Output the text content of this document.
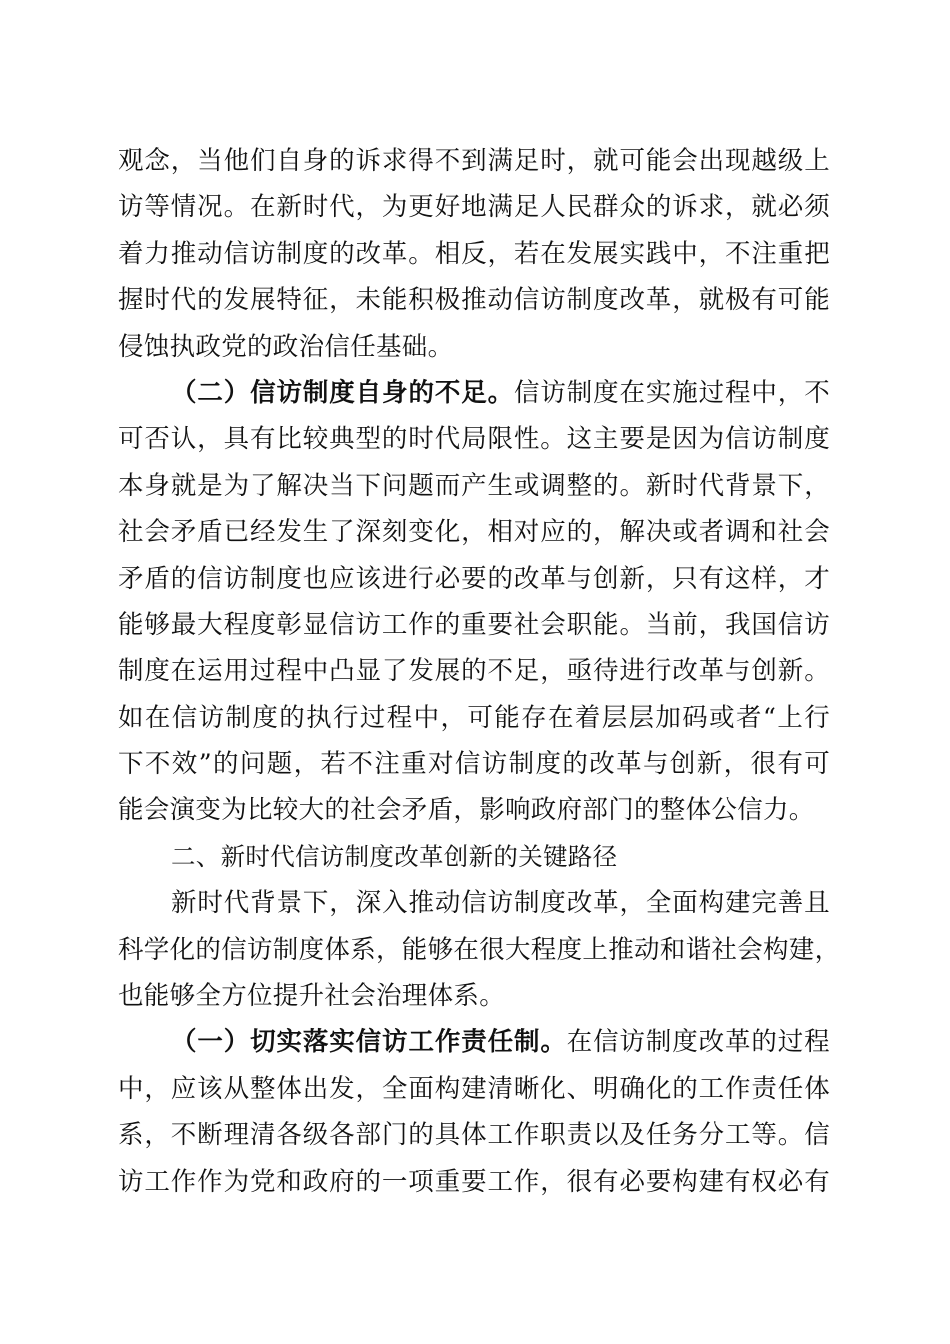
观念，当他们自身的诉求得不到满足时，就可能会出现越级上
访等情况。在新时代，为更好地满足人民群众的诉求，就必须
着力推动信访制度的改革。相反，若在发展实践中，不注重把
握时代的发展特征，未能积极推动信访制度改革，就极有可能
侵蚀执政党的政治信任基础。
（二）信访制度自身的不足。信访制度在实施过程中，不
可否认，具有比较典型的时代局限性。这主要是因为信访制度
本身就是为了解决当下问题而产生或调整的。新时代背景下，
社会矛盾已经发生了深刻变化，相对应的，解决或者调和社会
矛盾的信访制度也应该进行必要的改革与创新，只有这样，才
能够最大程度彰显信访工作的重要社会职能。当前，我国信访
制度在运用过程中凸显了发展的不足，亟待进行改革与创新。
如在信访制度的执行过程中，可能存在着层层加码或者“上行
下不效”的问题，若不注重对信访制度的改革与创新，很有可
能会演变为比较大的社会矛盾，影响政府部门的整体公信力。
二、新时代信访制度改革创新的关键路径
新时代背景下，深入推动信访制度改革，全面构建完善且
科学化的信访制度体系，能够在很大程度上推动和谐社会构建，
也能够全方位提升社会治理体系。
（一）切实落实信访工作责任制。在信访制度改革的过程
中，应该从整体出发，全面构建清晰化、明确化的工作责任体
系，不断理清各级各部门的具体工作职责以及任务分工等。信
访工作作为党和政府的一项重要工作，很有必要构建有权必有
